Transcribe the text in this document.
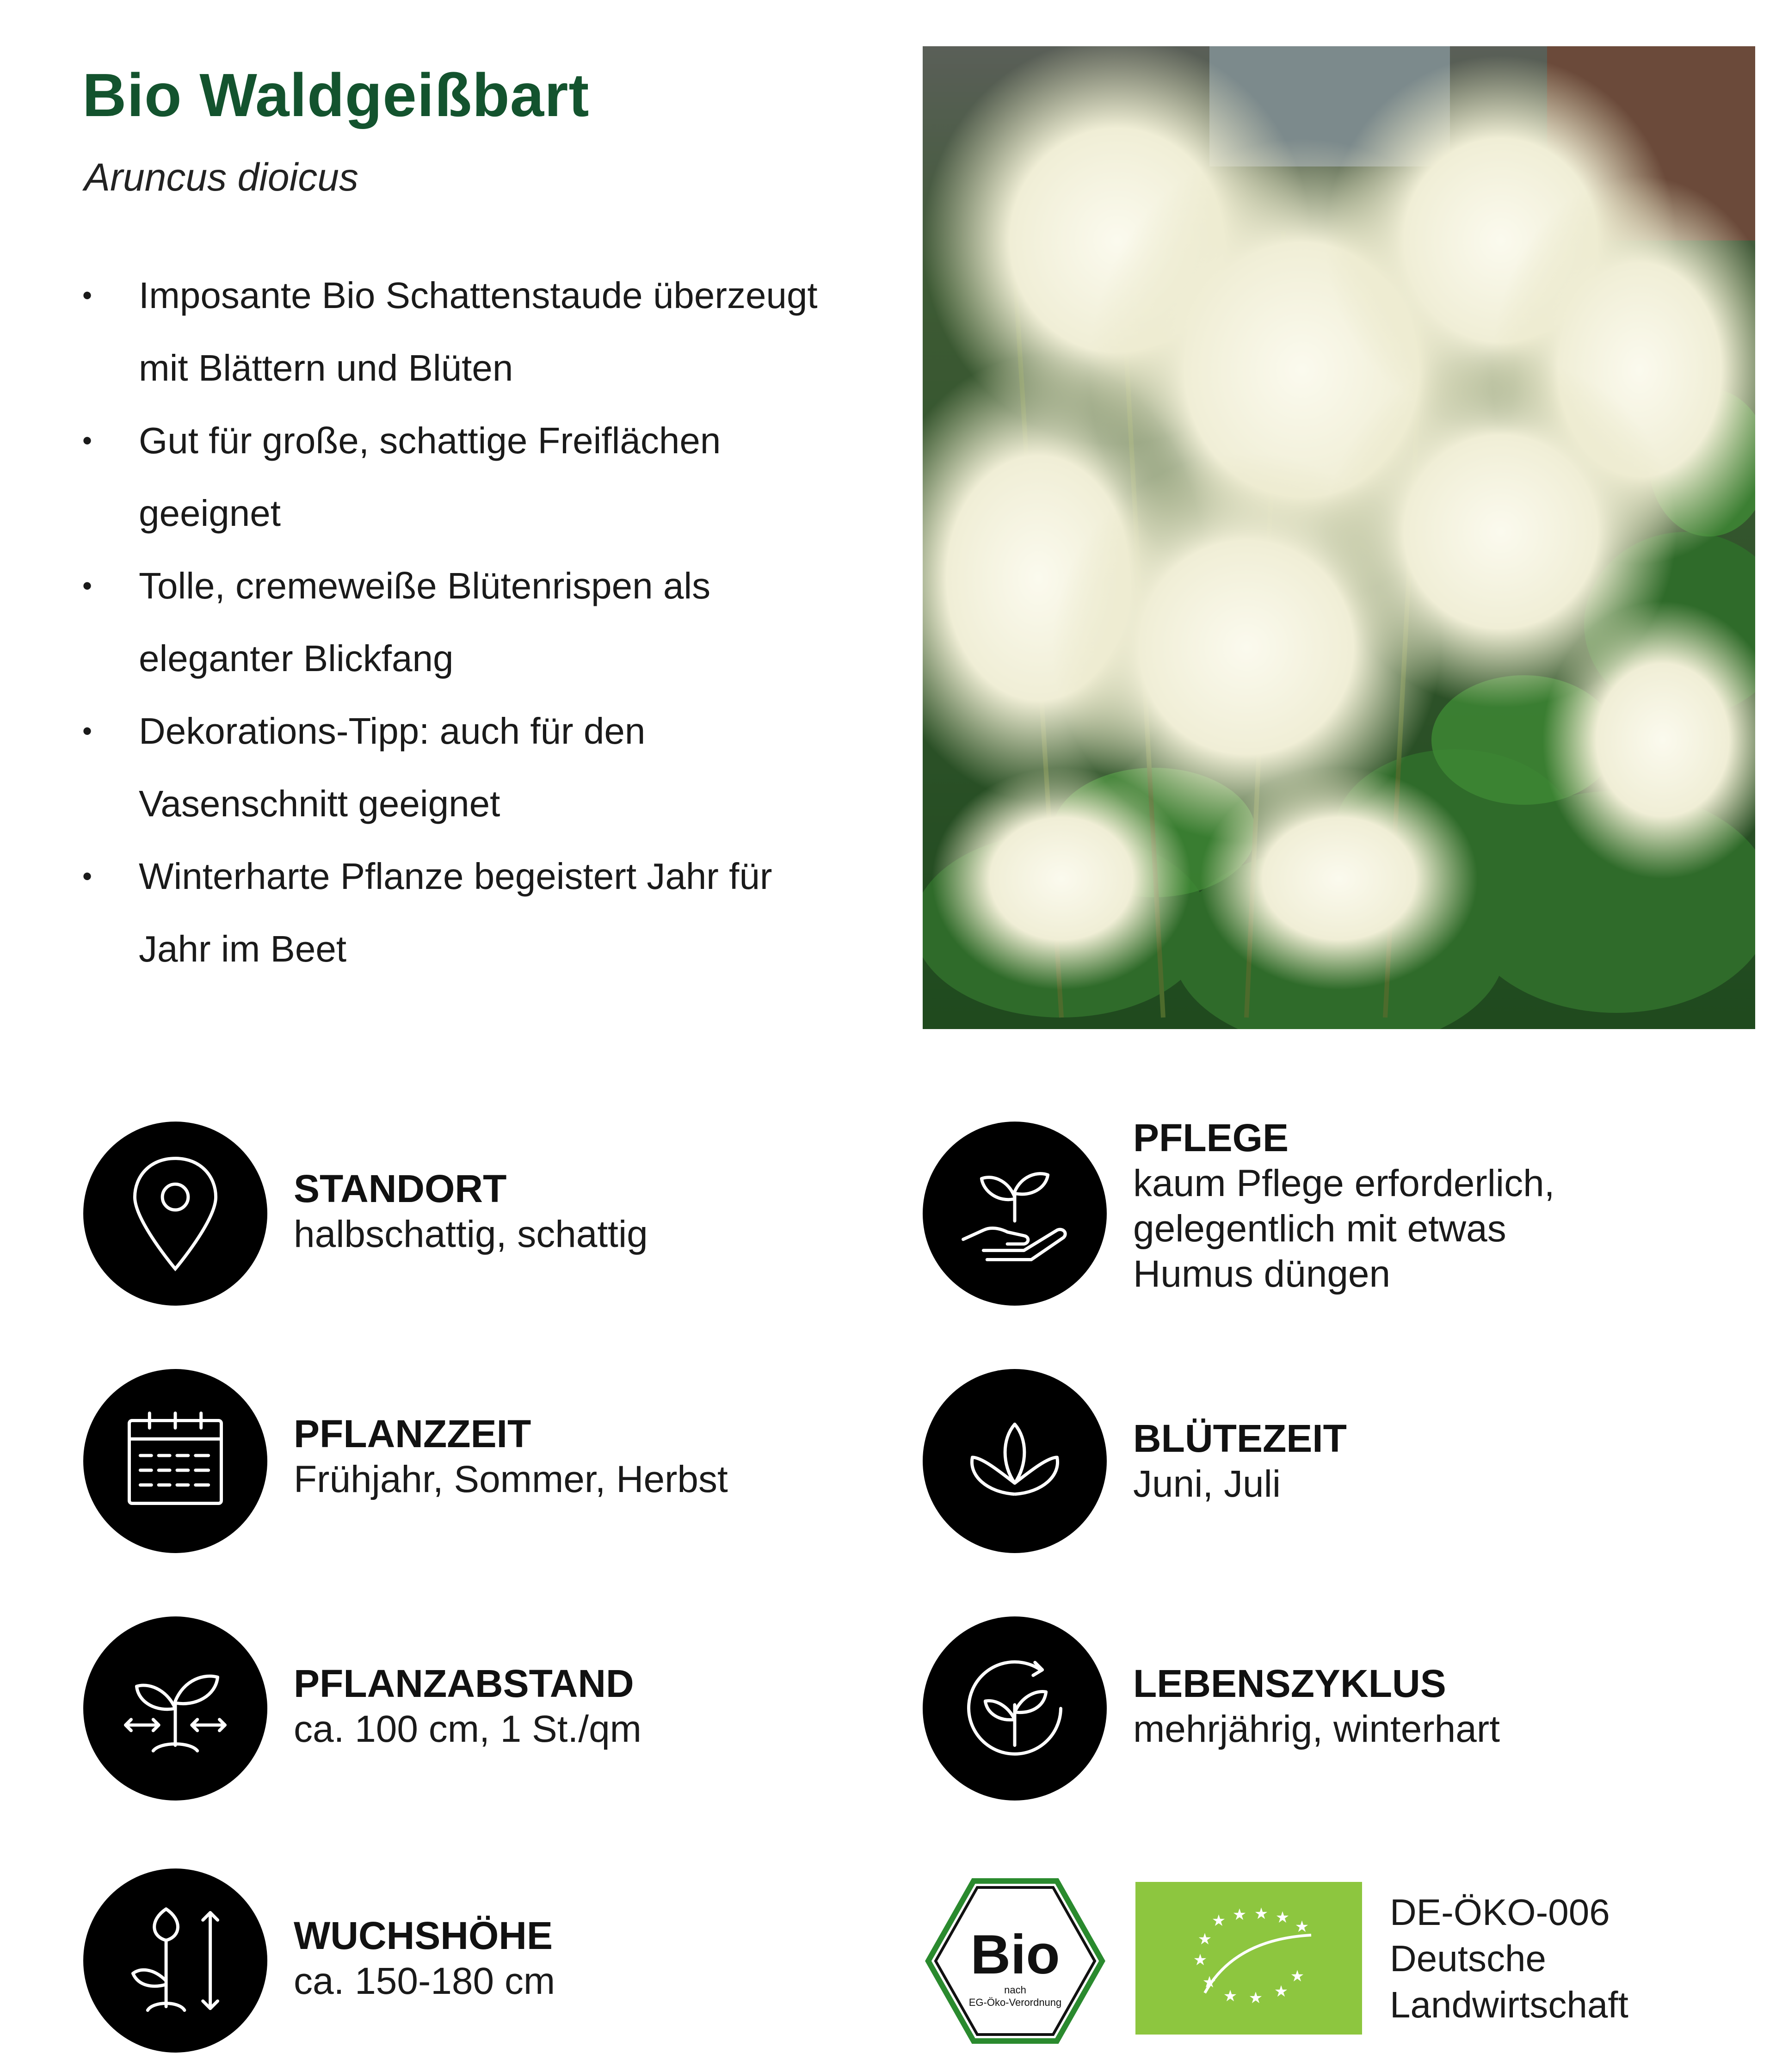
Bio Waldgeißbart
Aruncus dioicus
• Imposante Bio Schattenstaude überzeugt
mit Blättern und Blüten
• Gut für große, schattige Freiflächen
geeignet
• Tolle, cremeweiße Blütenrispen als
eleganter Blickfang
• Dekorations-Tipp: auch für den
Vasenschnitt geeignet
• Winterharte Pflanze begeistert Jahr für
Jahr im Beet
STANDORT
halbschattig, schattig
PFLEGE
kaum Pflege erforderlich,
gelegentlich mit etwas
Humus düngen
PFLANZZEIT
Frühjahr, Sommer, Herbst
BLÜTEZEIT
Juni, Juli
PFLANZABSTAND
ca. 100 cm, 1 St./qm
LEBENSZYKLUS
mehrjährig, winterhart
WUCHSHÖHE
ca. 150-180 cm	Bio
nach
EG-Öko-Verordnung
★ ★ ★ ★ ★
★
★
★
★ ★ ★
★
DE-ÖKO-006
Deutsche
Landwirtschaft
